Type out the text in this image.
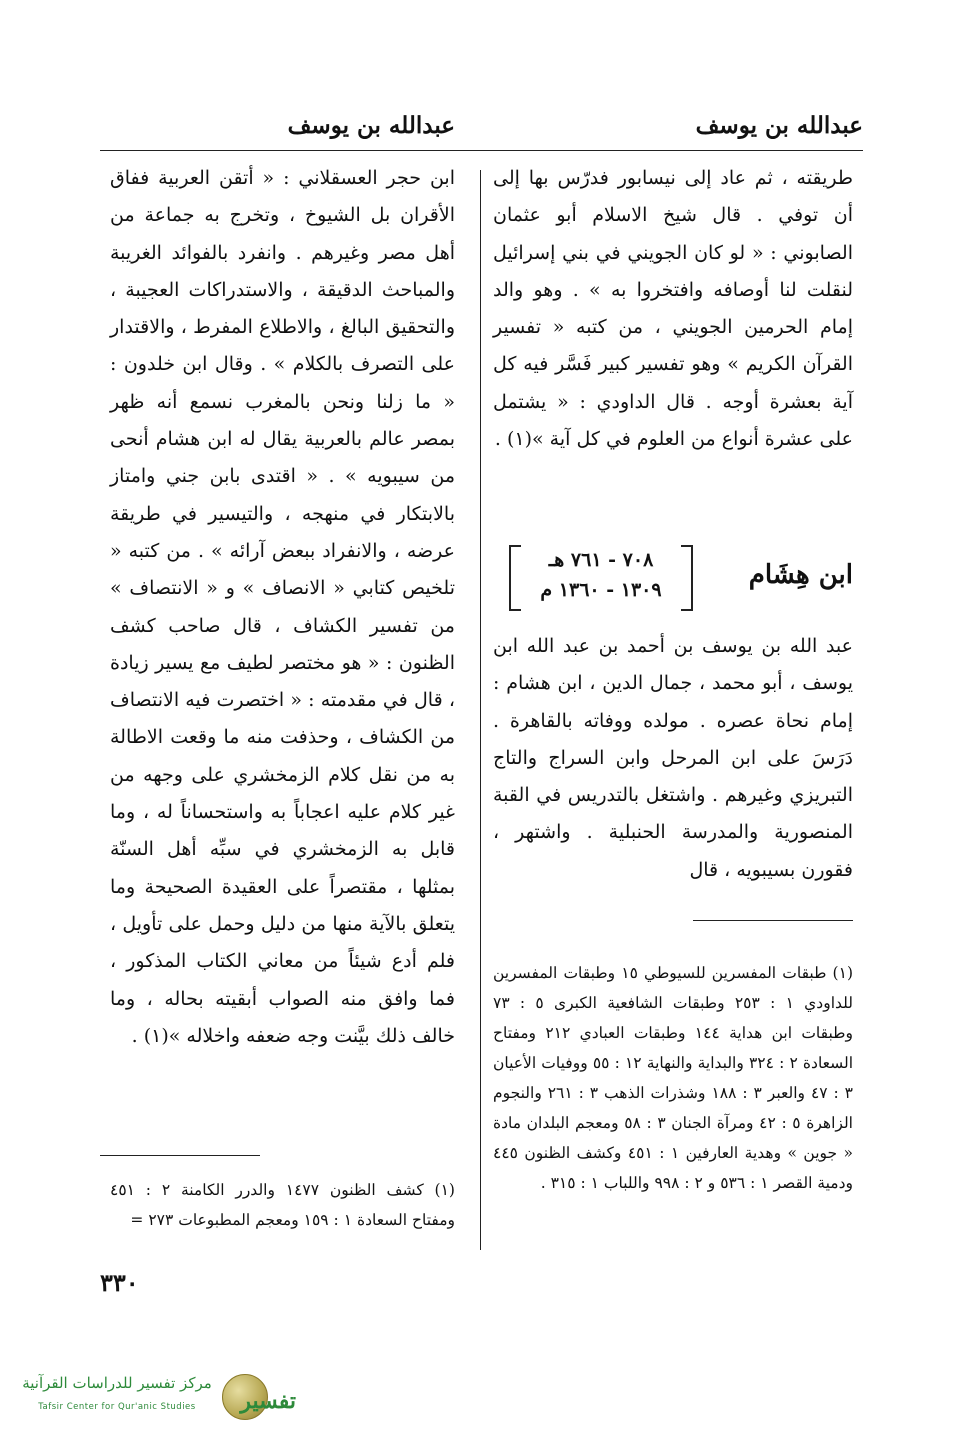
عبدالله بن يوسف
عبدالله بن يوسف

طريقته ، ثم عاد إلى نيسابور فدرّس بها إلى أن توفي . قال شيخ الاسلام أبو عثمان الصابوني : « لو كان الجويني في بني إسرائيل لنقلت لنا أوصافه وافتخروا به » . وهو والد إمام الحرمين الجويني ، من كتبه « تفسير القرآن الكريم » وهو تفسير كبير فَسَّر فيه كل آية بعشرة أوجه . قال الداودي : « يشتمل على عشرة أنواع من العلوم في كل آية »(١) .

ابن هِشَام
٧٠٨ - ٧٦١ هـ
١٣٠٩ - ١٣٦٠ م

عبد الله بن يوسف بن أحمد بن عبد الله ابن يوسف ، أبو محمد ، جمال الدين ، ابن هشام : إمام نحاة عصره . مولده ووفاته بالقاهرة . دَرَسَ على ابن المرحل وابن السراج والتاج التبريزي وغيرهم . واشتغل بالتدريس في القبة المنصورية والمدرسة الحنبلية . واشتهر ، فقورن بسيبويه ، قال

(١) طبقات المفسرين للسيوطي ١٥ وطبقات المفسرين للداودي ١ : ٢٥٣ وطبقات الشافعية الكبرى ٥ : ٧٣ وطبقات ابن هداية ١٤٤ وطبقات العبادي ٢١٢ ومفتاح السعادة ٢ : ٣٢٤ والبداية والنهاية ١٢ : ٥٥ ووفيات الأعيان ٣ : ٤٧ والعبر ٣ : ١٨٨ وشذرات الذهب ٣ : ٢٦١ والنجوم الزاهرة ٥ : ٤٢ ومرآة الجنان ٣ : ٥٨ ومعجم البلدان مادة « جوين » وهدية العارفين ١ : ٤٥١ وكشف الظنون ٤٤٥ ودمية القصر ١ : ٥٣٦ و ٢ : ٩٩٨ واللباب ١ : ٣١٥ .

ابن حجر العسقلاني : « أتقن العربية ففاق الأقران بل الشيوخ ، وتخرج به جماعة من أهل مصر وغيرهم . وانفرد بالفوائد الغريبة والمباحث الدقيقة ، والاستدراكات العجيبة ، والتحقيق البالغ ، والاطلاع المفرط ، والاقتدار على التصرف بالكلام » . وقال ابن خلدون : « ما زلنا ونحن بالمغرب نسمع أنه ظهر بمصر عالم بالعربية يقال له ابن هشام أنحى من سيبويه » . « اقتدى بابن جني وامتاز بالابتكار في منهجه ، والتيسير في طريقة عرضه ، والانفراد ببعض آرائه » . من كتبه « تلخيص كتابي « الانصاف » و « الانتصاف » من تفسير الكشاف ، قال صاحب كشف الظنون : « هو مختصر لطيف مع يسير زيادة ، قال في مقدمته : « اختصرت فيه الانتصاف من الكشاف ، وحذفت منه ما وقعت الاطالة به من نقل كلام الزمخشري على وجهه من غير كلام عليه اعجاباً به واستحساناً له ، وما قابل به الزمخشري في سبِّه أهل السنّة بمثلها ، مقتصراً على العقيدة الصحيحة وما يتعلق بالآية منها من دليل وحمل على تأويل ، فلم أدع شيئاً من معاني الكتاب المذكور ، فما وافق منه الصواب أبقيته بحاله ، وما خالف ذلك بيَّنت وجه ضعفه واخلاله »(١) .

(١) كشف الظنون ١٤٧٧ والدرر الكامنة ٢ : ٤٥١ ومفتاح السعادة ١ : ١٥٩ ومعجم المطبوعات ٢٧٣ =

٣٣٠
تفسير
مركز تفسير للدراسات القرآنية
Tafsir Center for Qur'anic Studies
